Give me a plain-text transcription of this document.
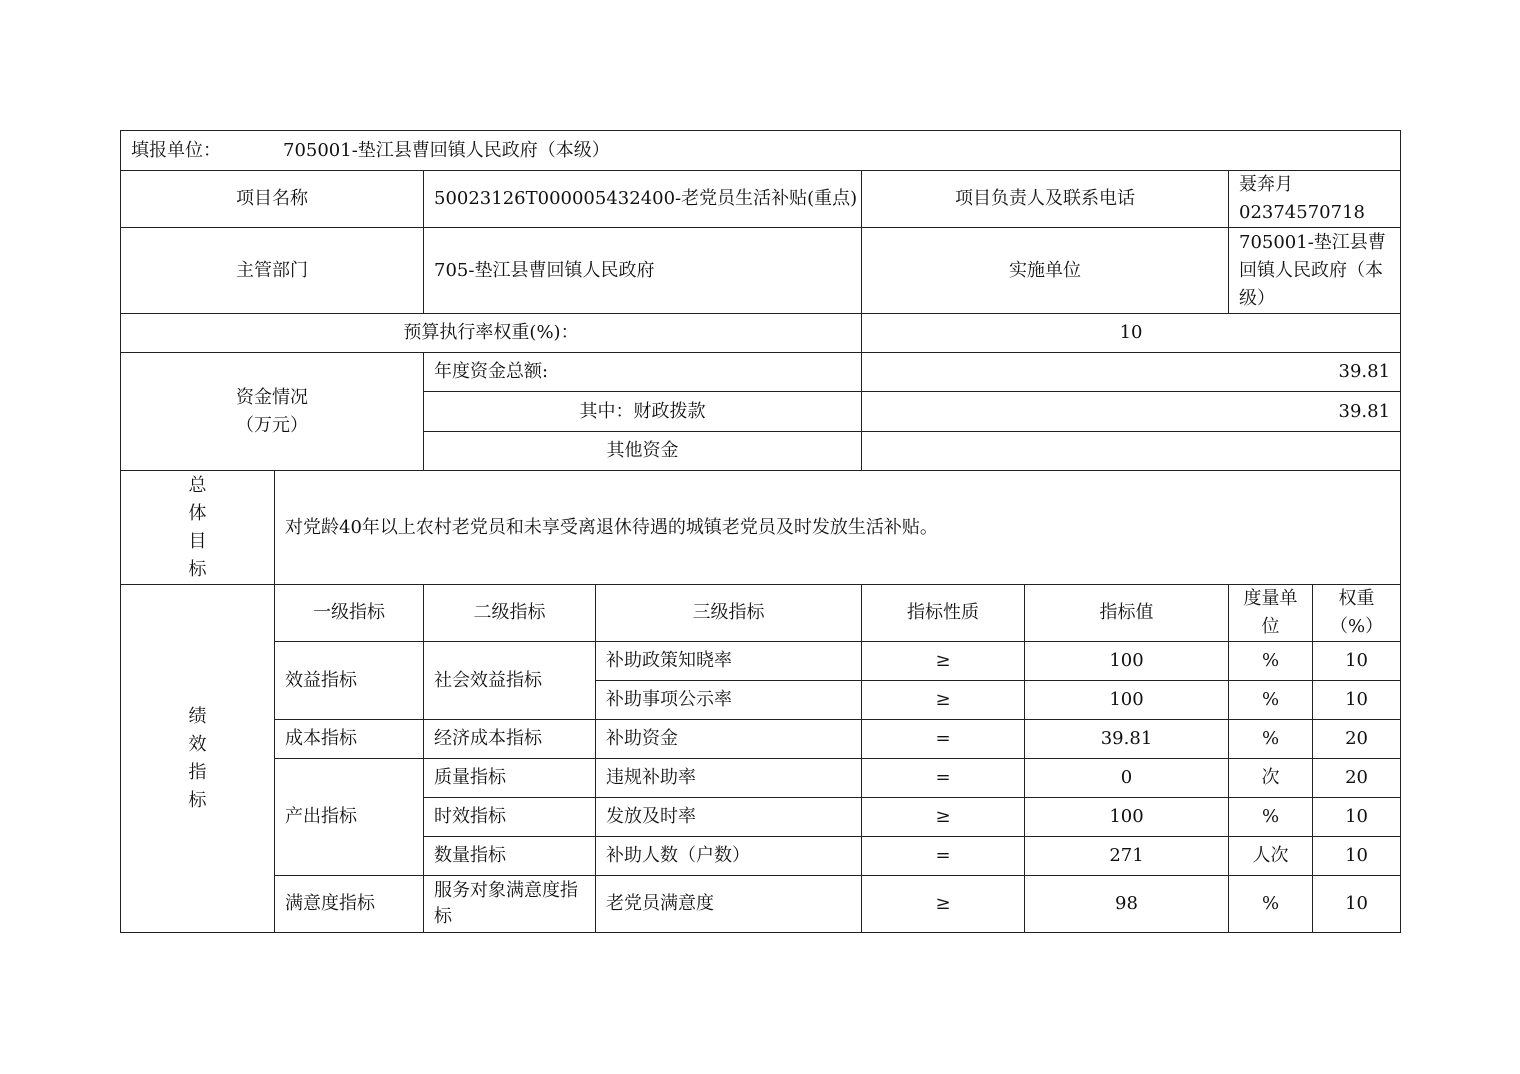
填报单位： 705001-垫江县曹回镇人民政府（本级）							
项目名称		50023126T000005432400-老党员生活补贴(重点)		项目负责人及联系电话		聂奔月
02374570718	

主管部门		705-垫江县曹回镇人民政府		实施单位		705001-垫江县曹回镇人民政府（本级）	
预算执行率权重(%)：				10			

资金情况
（万元）		年度资金总额:		39.81			
		其中：财政拨款		39.81			
		其他资金					

总
体
目
标	对党龄40年以上农村老党员和未享受离退休待遇的城镇老党员及时发放生活补贴。						

绩
效
指
标	一级指标	二级指标	三级指标	指标性质	指标值	度量单位	权重（%）
	效益指标	社会效益指标	补助政策知晓率	≥	100	%	10
			补助事项公示率	≥	100	%	10
	成本指标	经济成本指标	补助资金	=	39.81	%	20
	产出指标	质量指标	违规补助率	=	0	次	20
		时效指标	发放及时率	≥	100	%	10
		数量指标	补助人数（户数）	=	271	人次	10
	满意度指标	服务对象满意度指标	老党员满意度	≥	98	%	10
